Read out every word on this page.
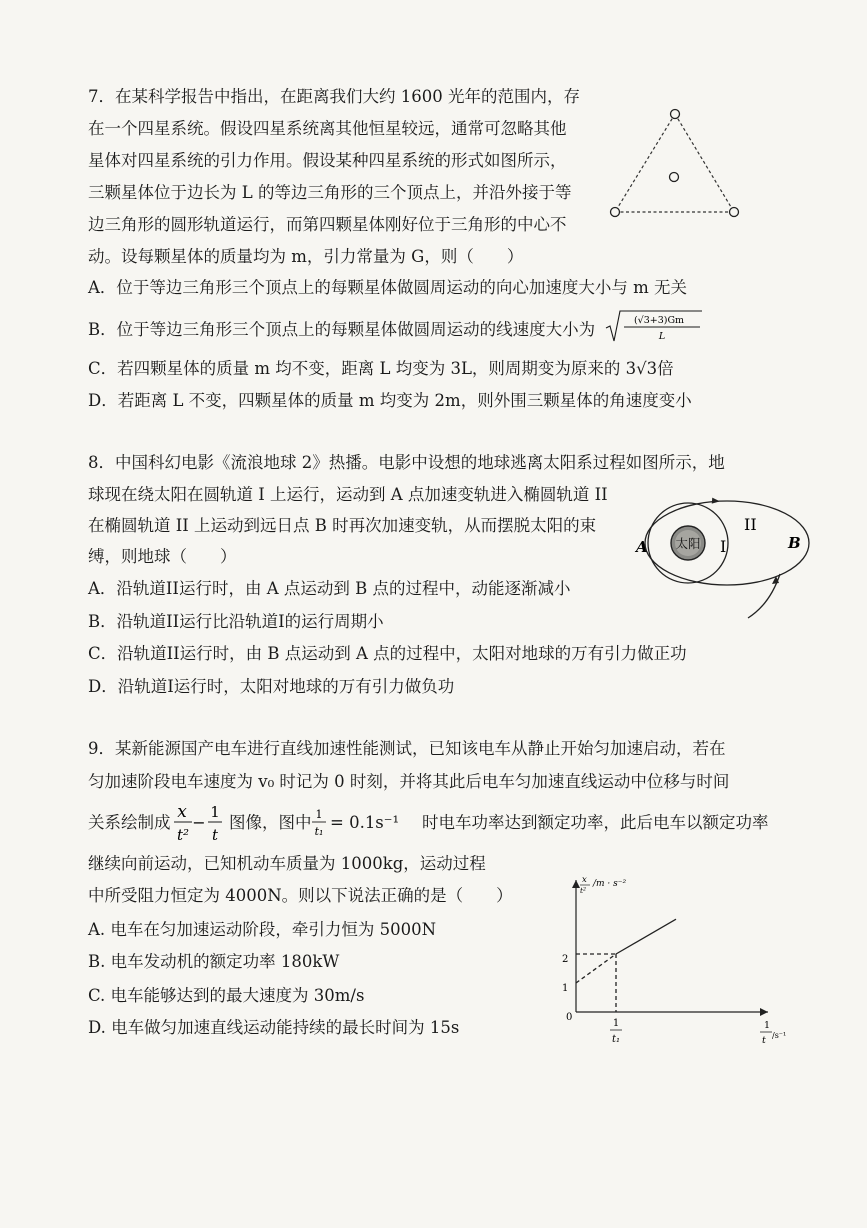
7．在某科学报告中指出，在距离我们大约 1600 光年的范围内，存
在一个四星系统。假设四星系统离其他恒星较远，通常可忽略其他
星体对四星系统的引力作用。假设某种四星系统的形式如图所示，
三颗星体位于边长为 L 的等边三角形的三个顶点上，并沿外接于等
边三角形的圆形轨道运行，而第四颗星体刚好位于三角形的中心不
动。设每颗星体的质量均为 m，引力常量为 G，则（　　）
A．位于等边三角形三个顶点上的每颗星体做圆周运动的向心加速度大小与 m 无关
B．位于等边三角形三个顶点上的每颗星体做圆周运动的线速度大小为	(√3+3)Gm
L
C．若四颗星体的质量 m 均不变，距离 L 均变为 3L，则周期变为原来的 3√3倍
D．若距离 L 不变，四颗星体的质量 m 均变为 2m，则外围三颗星体的角速度变小
8．中国科幻电影《流浪地球 2》热播。电影中设想的地球逃离太阳系过程如图所示，地
球现在绕太阳在圆轨道 I 上运行，运动到 A 点加速变轨进入椭圆轨道 II
在椭圆轨道 II 上运动到远日点 B 时再次加速变轨，从而摆脱太阳的束
缚，则地球（　　）
A．沿轨道II运行时，由 A 点运动到 B 点的过程中，动能逐渐减小
B．沿轨道II运行比沿轨道I的运行周期小
C．沿轨道II运行时，由 B 点运动到 A 点的过程中，太阳对地球的万有引力做正功
D．沿轨道I运行时，太阳对地球的万有引力做负功
太阳
A	B
I
II
9．某新能源国产电车进行直线加速性能测试，已知该电车从静止开始匀加速启动，若在
匀加速阶段电车速度为 v₀ 时记为 0 时刻，并将其此后电车匀加速直线运动中位移与时间
关系绘制成
x
t²
−
1
t
图像，图中 1
t₁ = 0.1s⁻¹ 时电车功率达到额定功率，此后电车以额定功率
继续向前运动，已知机动车质量为 1000kg，运动过程
中所受阻力恒定为 4000N。则以下说法正确的是（　　）
A. 电车在匀加速运动阶段，牵引力恒为 5000N
B. 电车发动机的额定功率 180kW
C. 电车能够达到的最大速度为 30m/s
D. 电车做匀加速直线运动能持续的最长时间为 15s
x
t²
/m · s⁻²
1
t /s⁻¹
0
1
t₁
1
2
